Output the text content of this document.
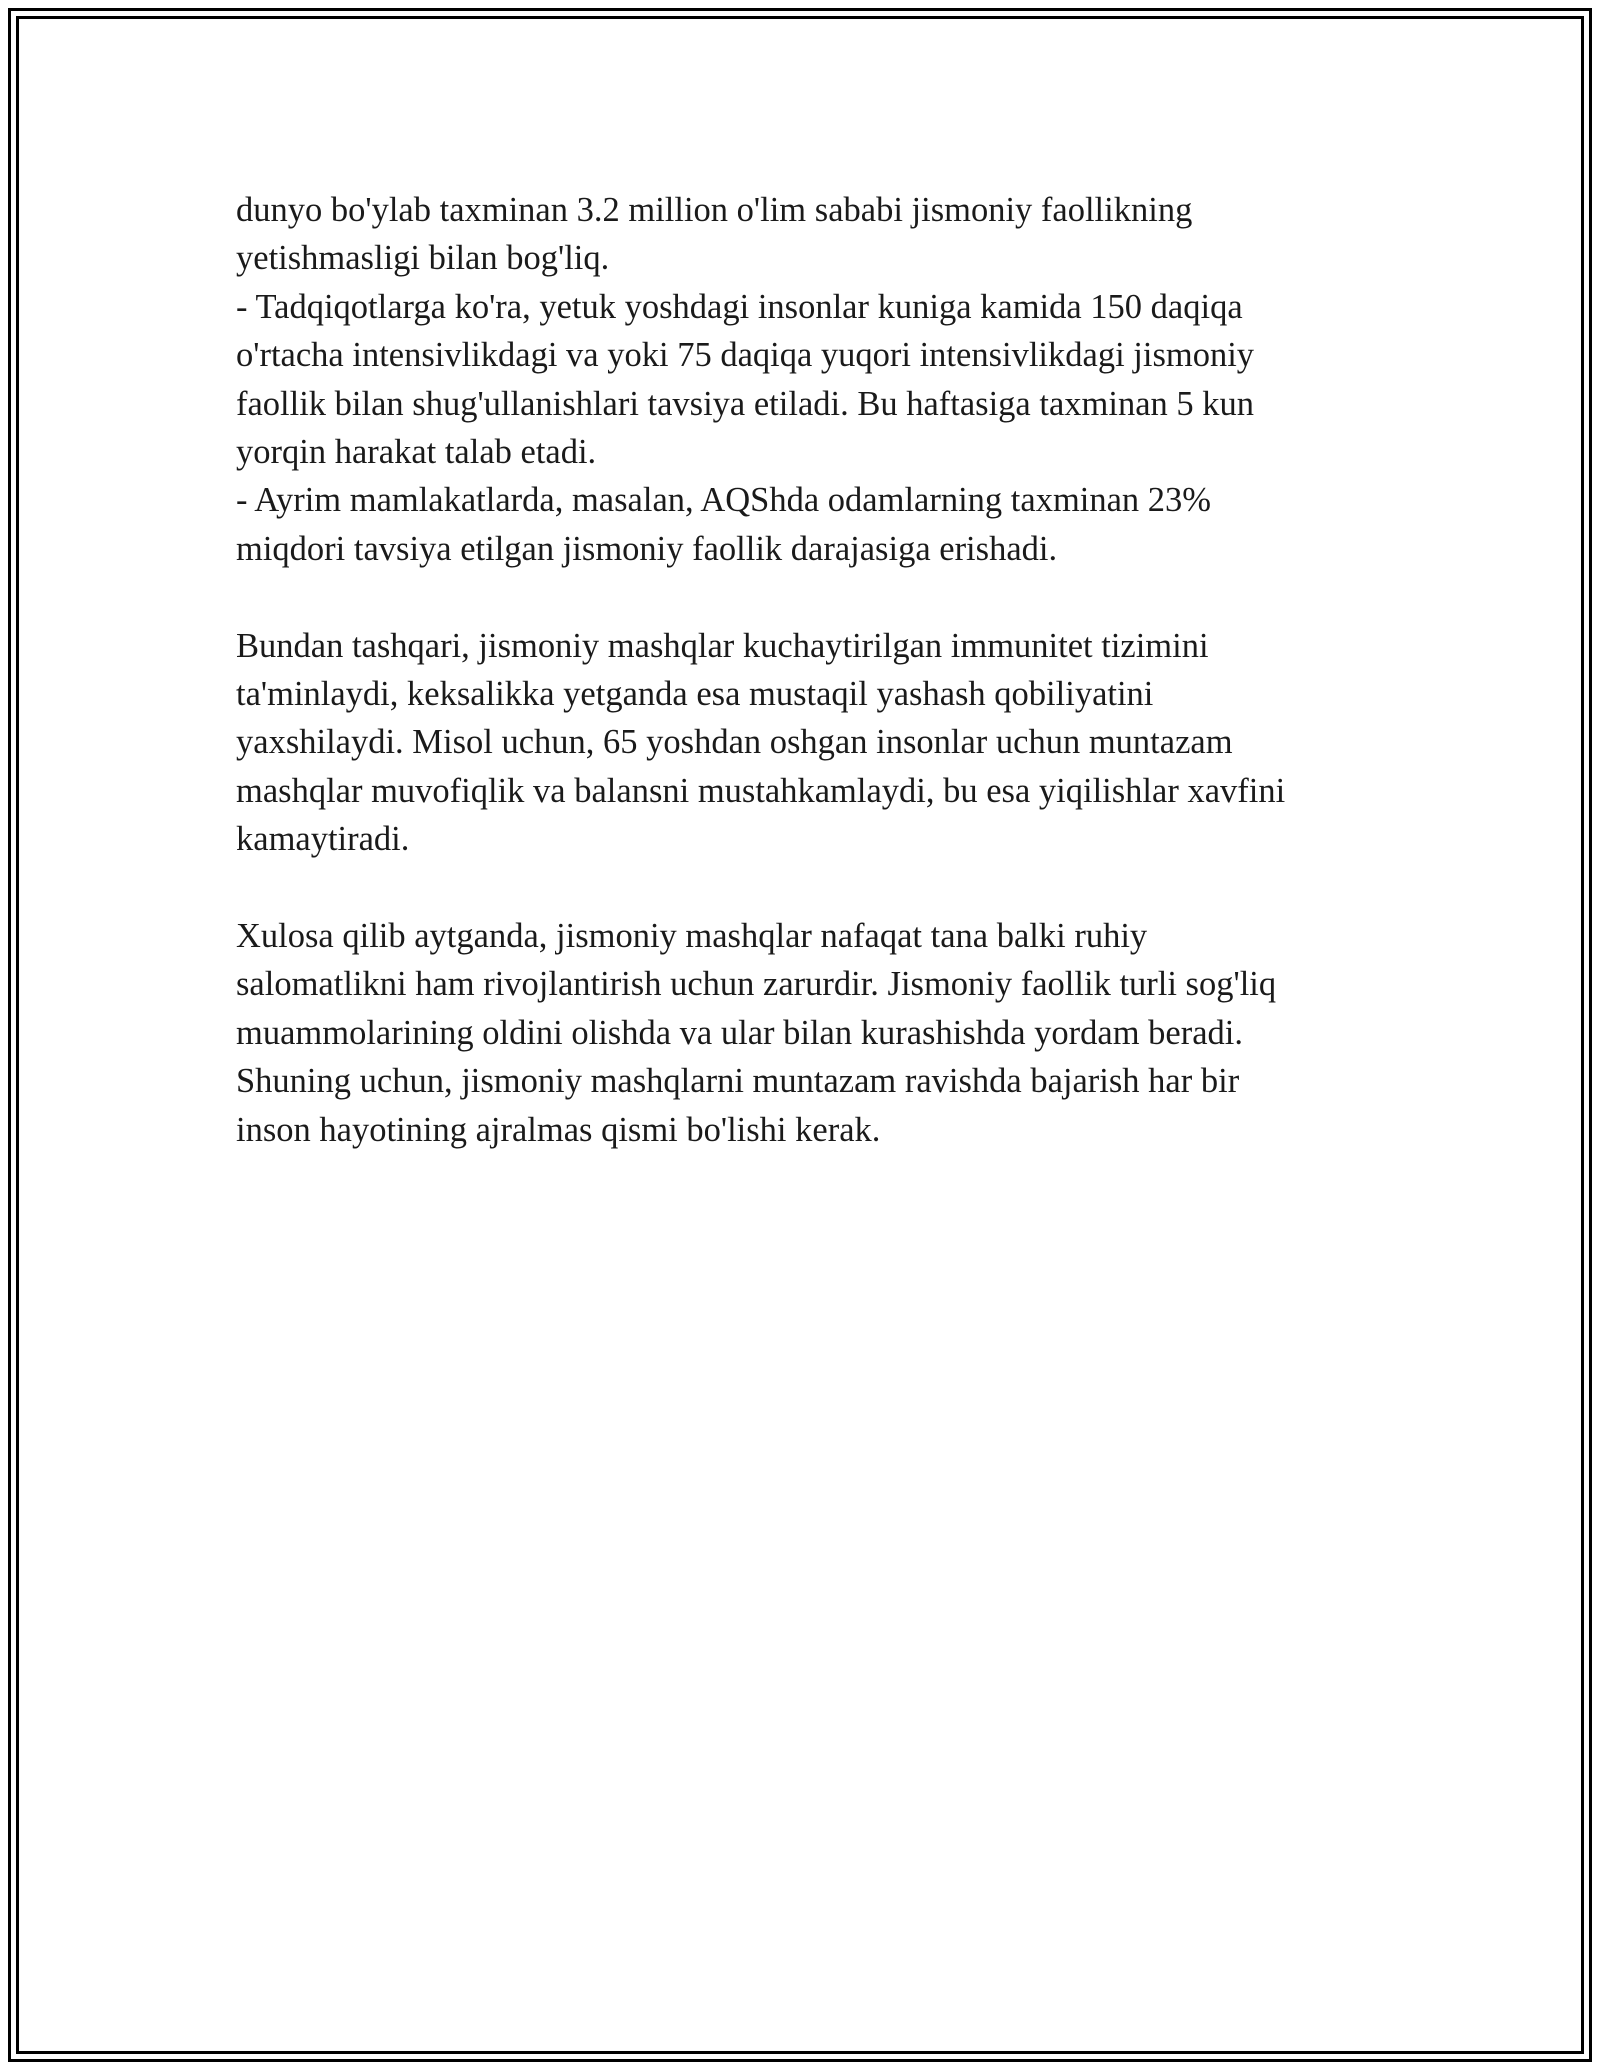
dunyo bo'ylab taxminan 3.2 million o'lim sababi jismoniy faollikning
yetishmasligi bilan bog'liq.
- Tadqiqotlarga ko'ra, yetuk yoshdagi insonlar kuniga kamida 150 daqiqa
o'rtacha intensivlikdagi va yoki 75 daqiqa yuqori intensivlikdagi jismoniy
faollik bilan shug'ullanishlari tavsiya etiladi. Bu haftasiga taxminan 5 kun
yorqin harakat talab etadi.
- Ayrim mamlakatlarda, masalan, AQShda odamlarning taxminan 23%
miqdori tavsiya etilgan jismoniy faollik darajasiga erishadi.

Bundan tashqari, jismoniy mashqlar kuchaytirilgan immunitet tizimini
ta'minlaydi, keksalikka yetganda esa mustaqil yashash qobiliyatini
yaxshilaydi. Misol uchun, 65 yoshdan oshgan insonlar uchun muntazam
mashqlar muvofiqlik va balansni mustahkamlaydi, bu esa yiqilishlar xavfini
kamaytiradi.

Xulosa qilib aytganda, jismoniy mashqlar nafaqat tana balki ruhiy
salomatlikni ham rivojlantirish uchun zarurdir. Jismoniy faollik turli sog'liq
muammolarining oldini olishda va ular bilan kurashishda yordam beradi.
Shuning uchun, jismoniy mashqlarni muntazam ravishda bajarish har bir
inson hayotining ajralmas qismi bo'lishi kerak.
